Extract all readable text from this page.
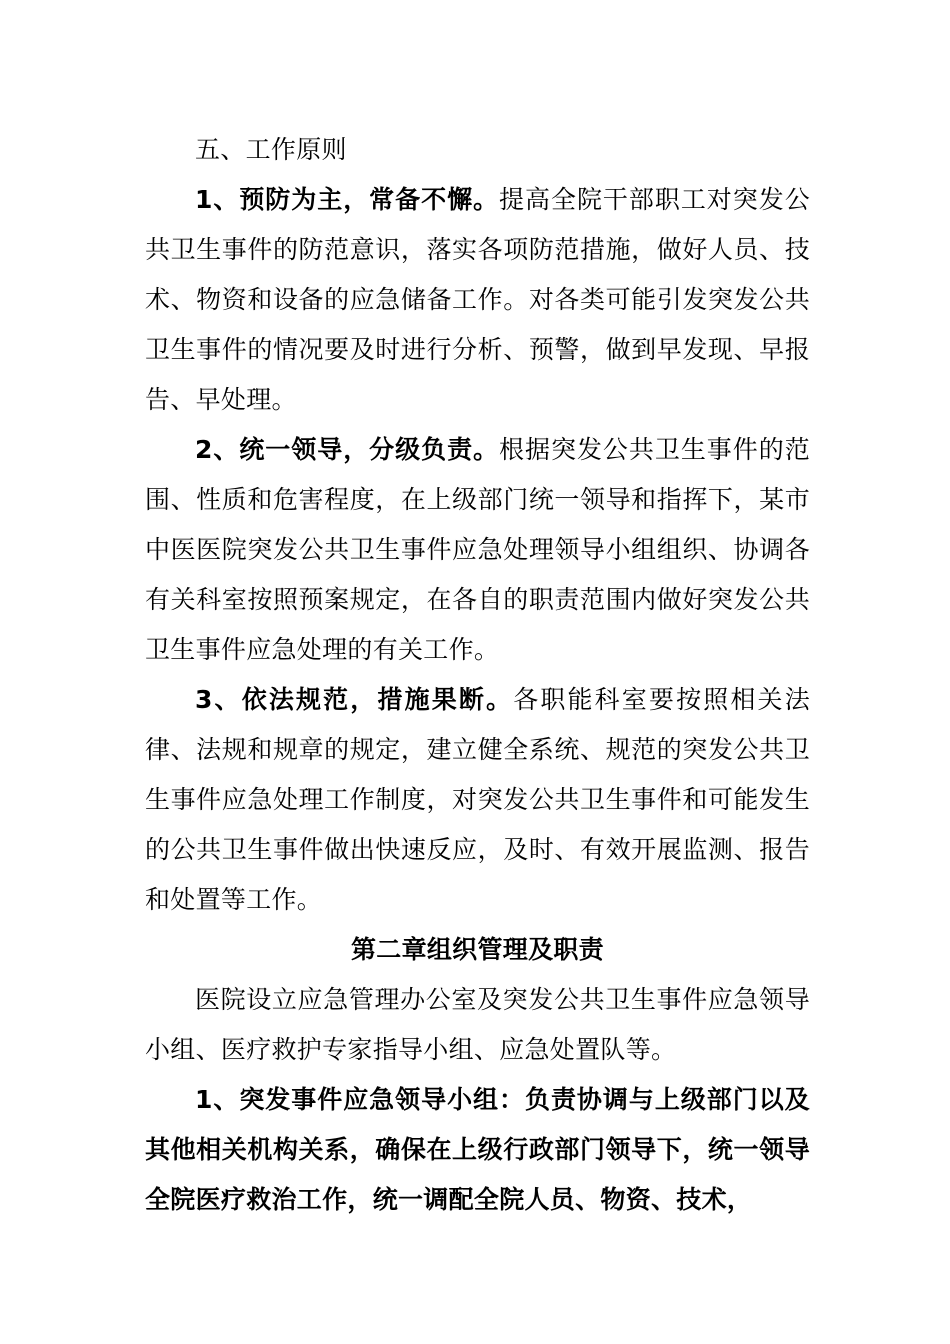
五、工作原则

1、预防为主，常备不懈。提高全院干部职工对突发公共卫生事件的防范意识，落实各项防范措施，做好人员、技术、物资和设备的应急储备工作。对各类可能引发突发公共卫生事件的情况要及时进行分析、预警，做到早发现、早报告、早处理。

2、统一领导，分级负责。根据突发公共卫生事件的范围、性质和危害程度，在上级部门统一领导和指挥下，某市中医医院突发公共卫生事件应急处理领导小组组织、协调各有关科室按照预案规定，在各自的职责范围内做好突发公共卫生事件应急处理的有关工作。

3、依法规范，措施果断。各职能科室要按照相关法律、法规和规章的规定，建立健全系统、规范的突发公共卫生事件应急处理工作制度，对突发公共卫生事件和可能发生的公共卫生事件做出快速反应，及时、有效开展监测、报告和处置等工作。

第二章组织管理及职责

医院设立应急管理办公室及突发公共卫生事件应急领导小组、医疗救护专家指导小组、应急处置队等。

1、突发事件应急领导小组：负责协调与上级部门以及其他相关机构关系，确保在上级行政部门领导下，统一领导全院医疗救治工作，统一调配全院人员、物资、技术，
